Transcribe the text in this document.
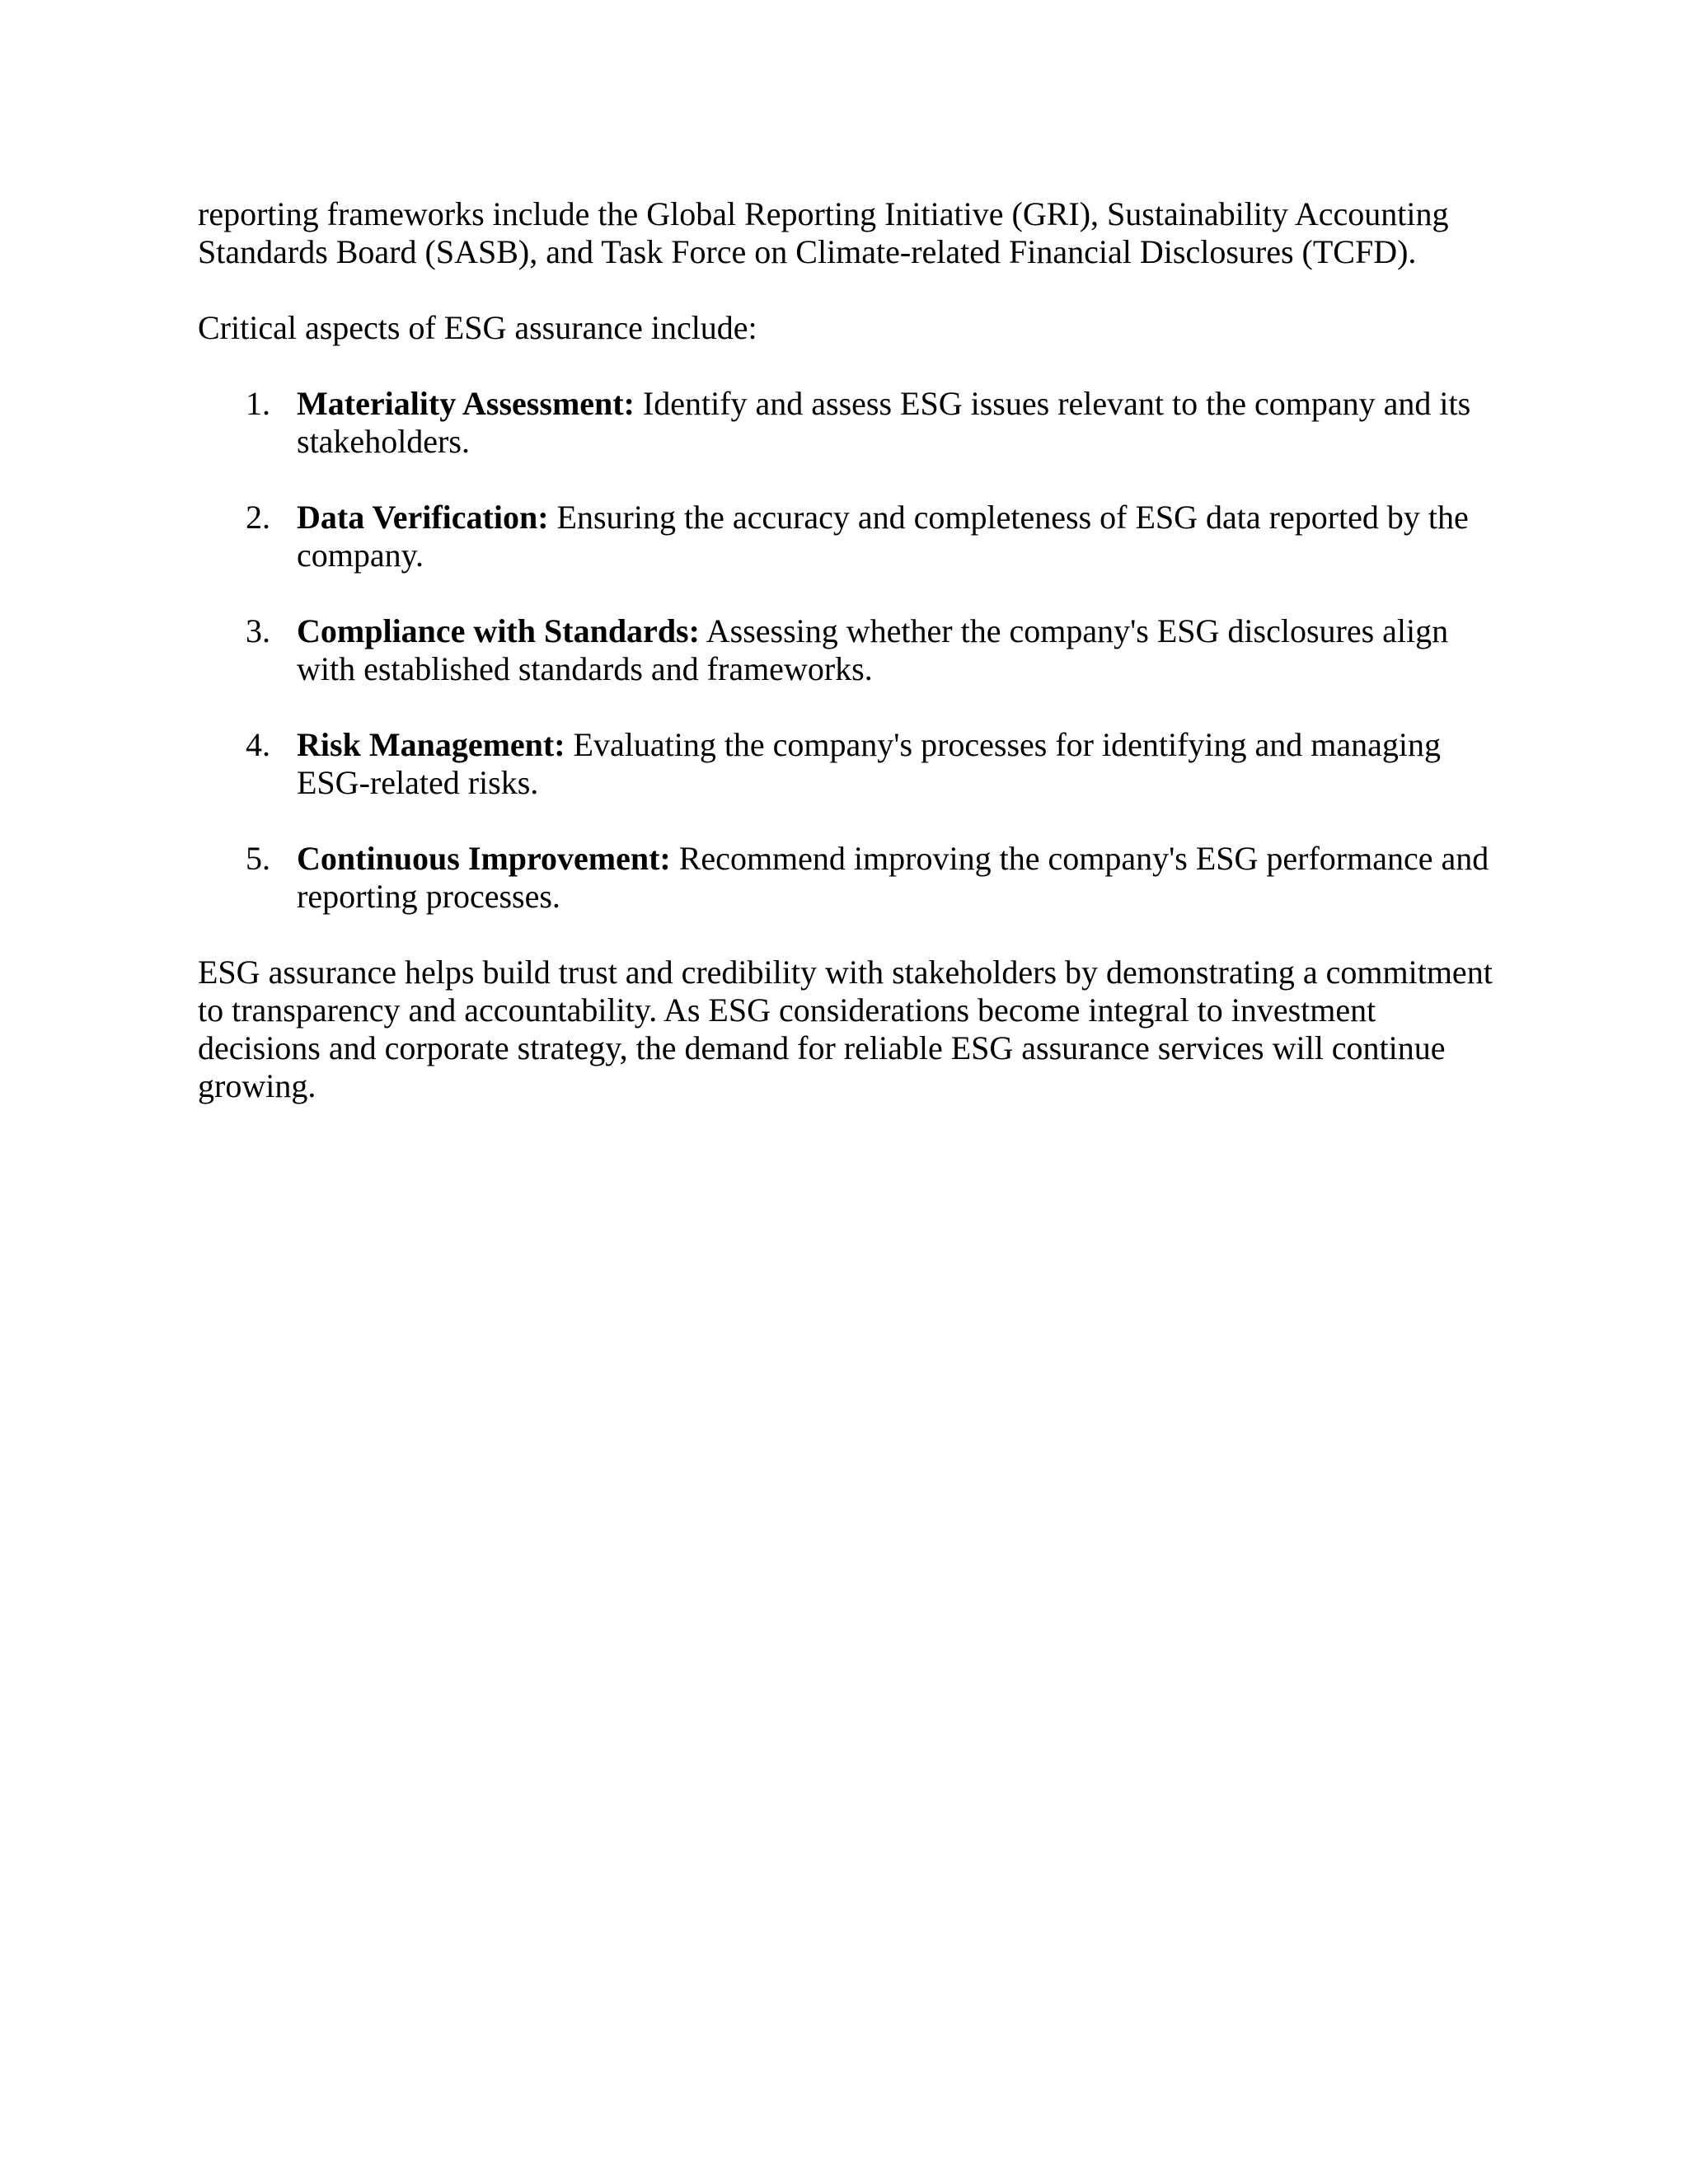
reporting frameworks include the Global Reporting Initiative (GRI), Sustainability Accounting Standards Board (SASB), and Task Force on Climate-related Financial Disclosures (TCFD).

Critical aspects of ESG assurance include:

1. Materiality Assessment: Identify and assess ESG issues relevant to the company and its stakeholders.
2. Data Verification: Ensuring the accuracy and completeness of ESG data reported by the company.
3. Compliance with Standards: Assessing whether the company's ESG disclosures align with established standards and frameworks.
4. Risk Management: Evaluating the company's processes for identifying and managing ESG-related risks.
5. Continuous Improvement: Recommend improving the company's ESG performance and reporting processes.

ESG assurance helps build trust and credibility with stakeholders by demonstrating a commitment to transparency and accountability. As ESG considerations become integral to investment decisions and corporate strategy, the demand for reliable ESG assurance services will continue growing.
